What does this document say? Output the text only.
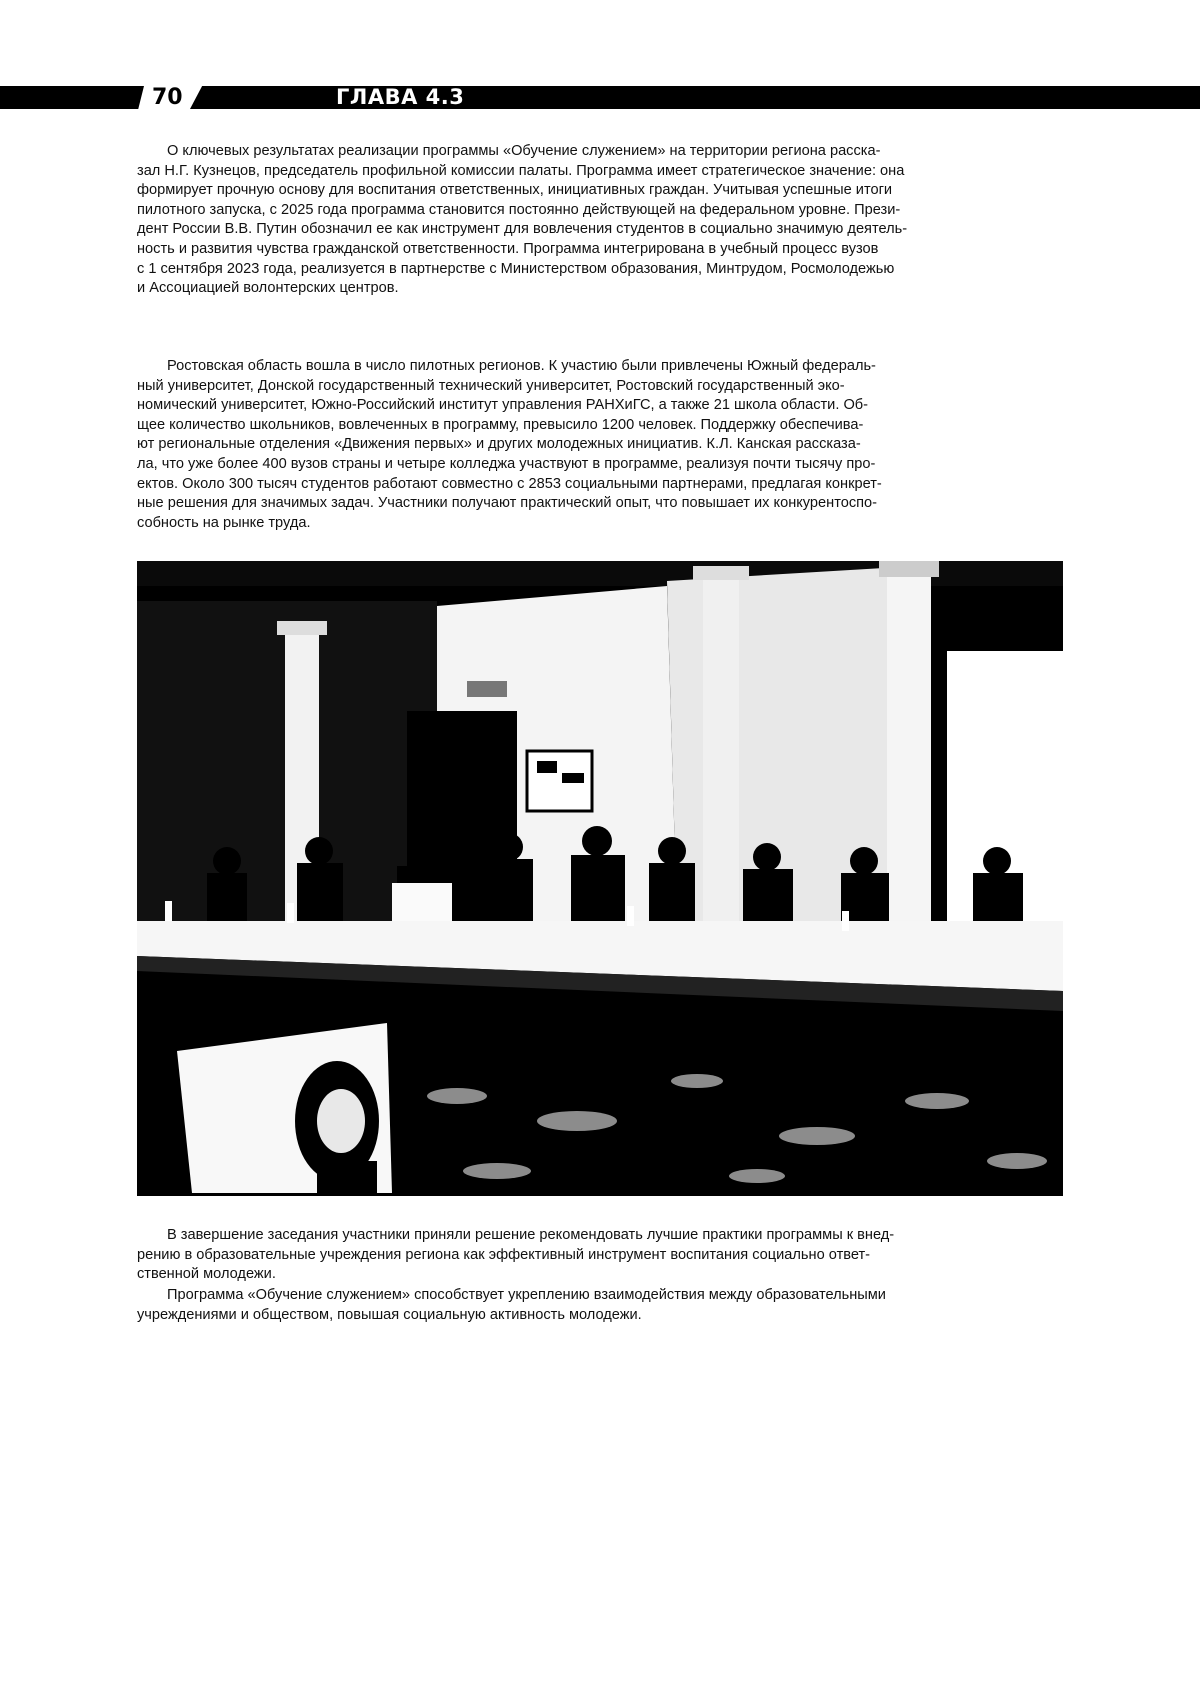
70	ГЛАВА 4.3
О ключевых результатах реализации программы «Обучение служением» на территории региона расска-
зал Н.Г. Кузнецов, председатель профильной комиссии палаты. Программа имеет стратегическое значение: она
формирует прочную основу для воспитания ответственных, инициативных граждан. Учитывая успешные итоги
пилотного запуска, с 2025 года программа становится постоянно действующей на федеральном уровне. Прези-
дент России В.В. Путин обозначил ее как инструмент для вовлечения студентов в социально значимую деятель-
ность и развития чувства гражданской ответственности. Программа интегрирована в учебный процесс вузов
с 1 сентября 2023 года, реализуется в партнерстве с Министерством образования, Минтрудом, Росмолодежью
и Ассоциацией волонтерских центров.
Ростовская область вошла в число пилотных регионов. К участию были привлечены Южный федераль-
ный университет, Донской государственный технический университет, Ростовский государственный эко-
номический университет, Южно-Российский институт управления РАНХиГС, а также 21 школа области. Об-
щее количество школьников, вовлеченных в программу, превысило 1200 человек. Поддержку обеспечива-
ют региональные отделения «Движения первых» и других молодежных инициатив. К.Л. Канская рассказа-
ла, что уже более 400 вузов страны и четыре колледжа участвуют в программе, реализуя почти тысячу про-
ектов. Около 300 тысяч студентов работают совместно с 2853 социальными партнерами, предлагая конкрет-
ные решения для значимых задач. Участники получают практический опыт, что повышает их конкурентоспо-
собность на рынке труда.
В завершение заседания участники приняли решение рекомендовать лучшие практики программы к внед-
рению в образовательные учреждения региона как эффективный инструмент воспитания социально ответ-
ственной молодежи.
Программа «Обучение служением» способствует укреплению взаимодействия между образовательными
учреждениями и обществом, повышая социальную активность молодежи.
